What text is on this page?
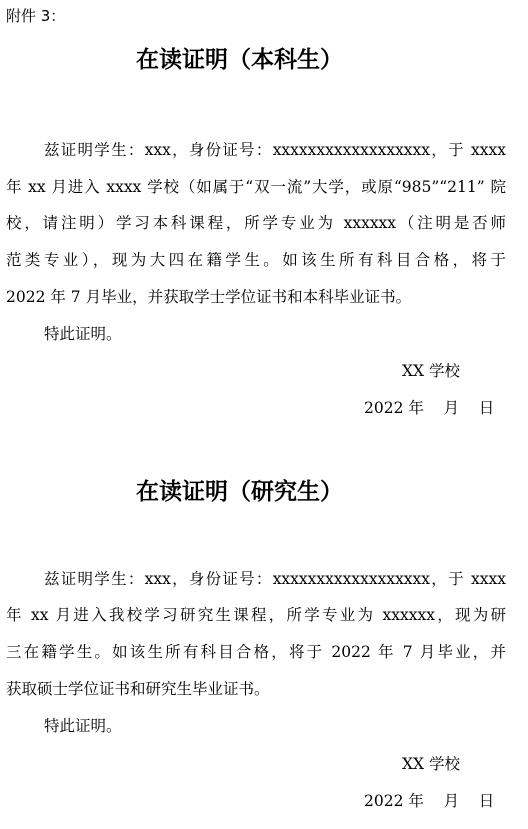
附件 3：
在读证明（本科生）
兹证明学生：xxx，身份证号：xxxxxxxxxxxxxxxxxx，于 xxxx
年 xx 月进入 xxxx 学校（如属于“双一流”大学，或原“985”“211” 院
校，请注明）学习本科课程，所学专业为 xxxxxx（注明是否师
范类专业），现为大四在籍学生。如该生所有科目合格，将于
2022 年 7 月毕业，并获取学士学位证书和本科毕业证书。
特此证明。
XX 学校
2022 年    月    日
在读证明（研究生）
兹证明学生：xxx，身份证号：xxxxxxxxxxxxxxxxxx，于 xxxx
年 xx 月进入我校学习研究生课程，所学专业为 xxxxxx，现为研
三在籍学生。如该生所有科目合格，将于 2022 年 7 月毕业，并
获取硕士学位证书和研究生毕业证书。
特此证明。
XX 学校
2022 年    月    日
